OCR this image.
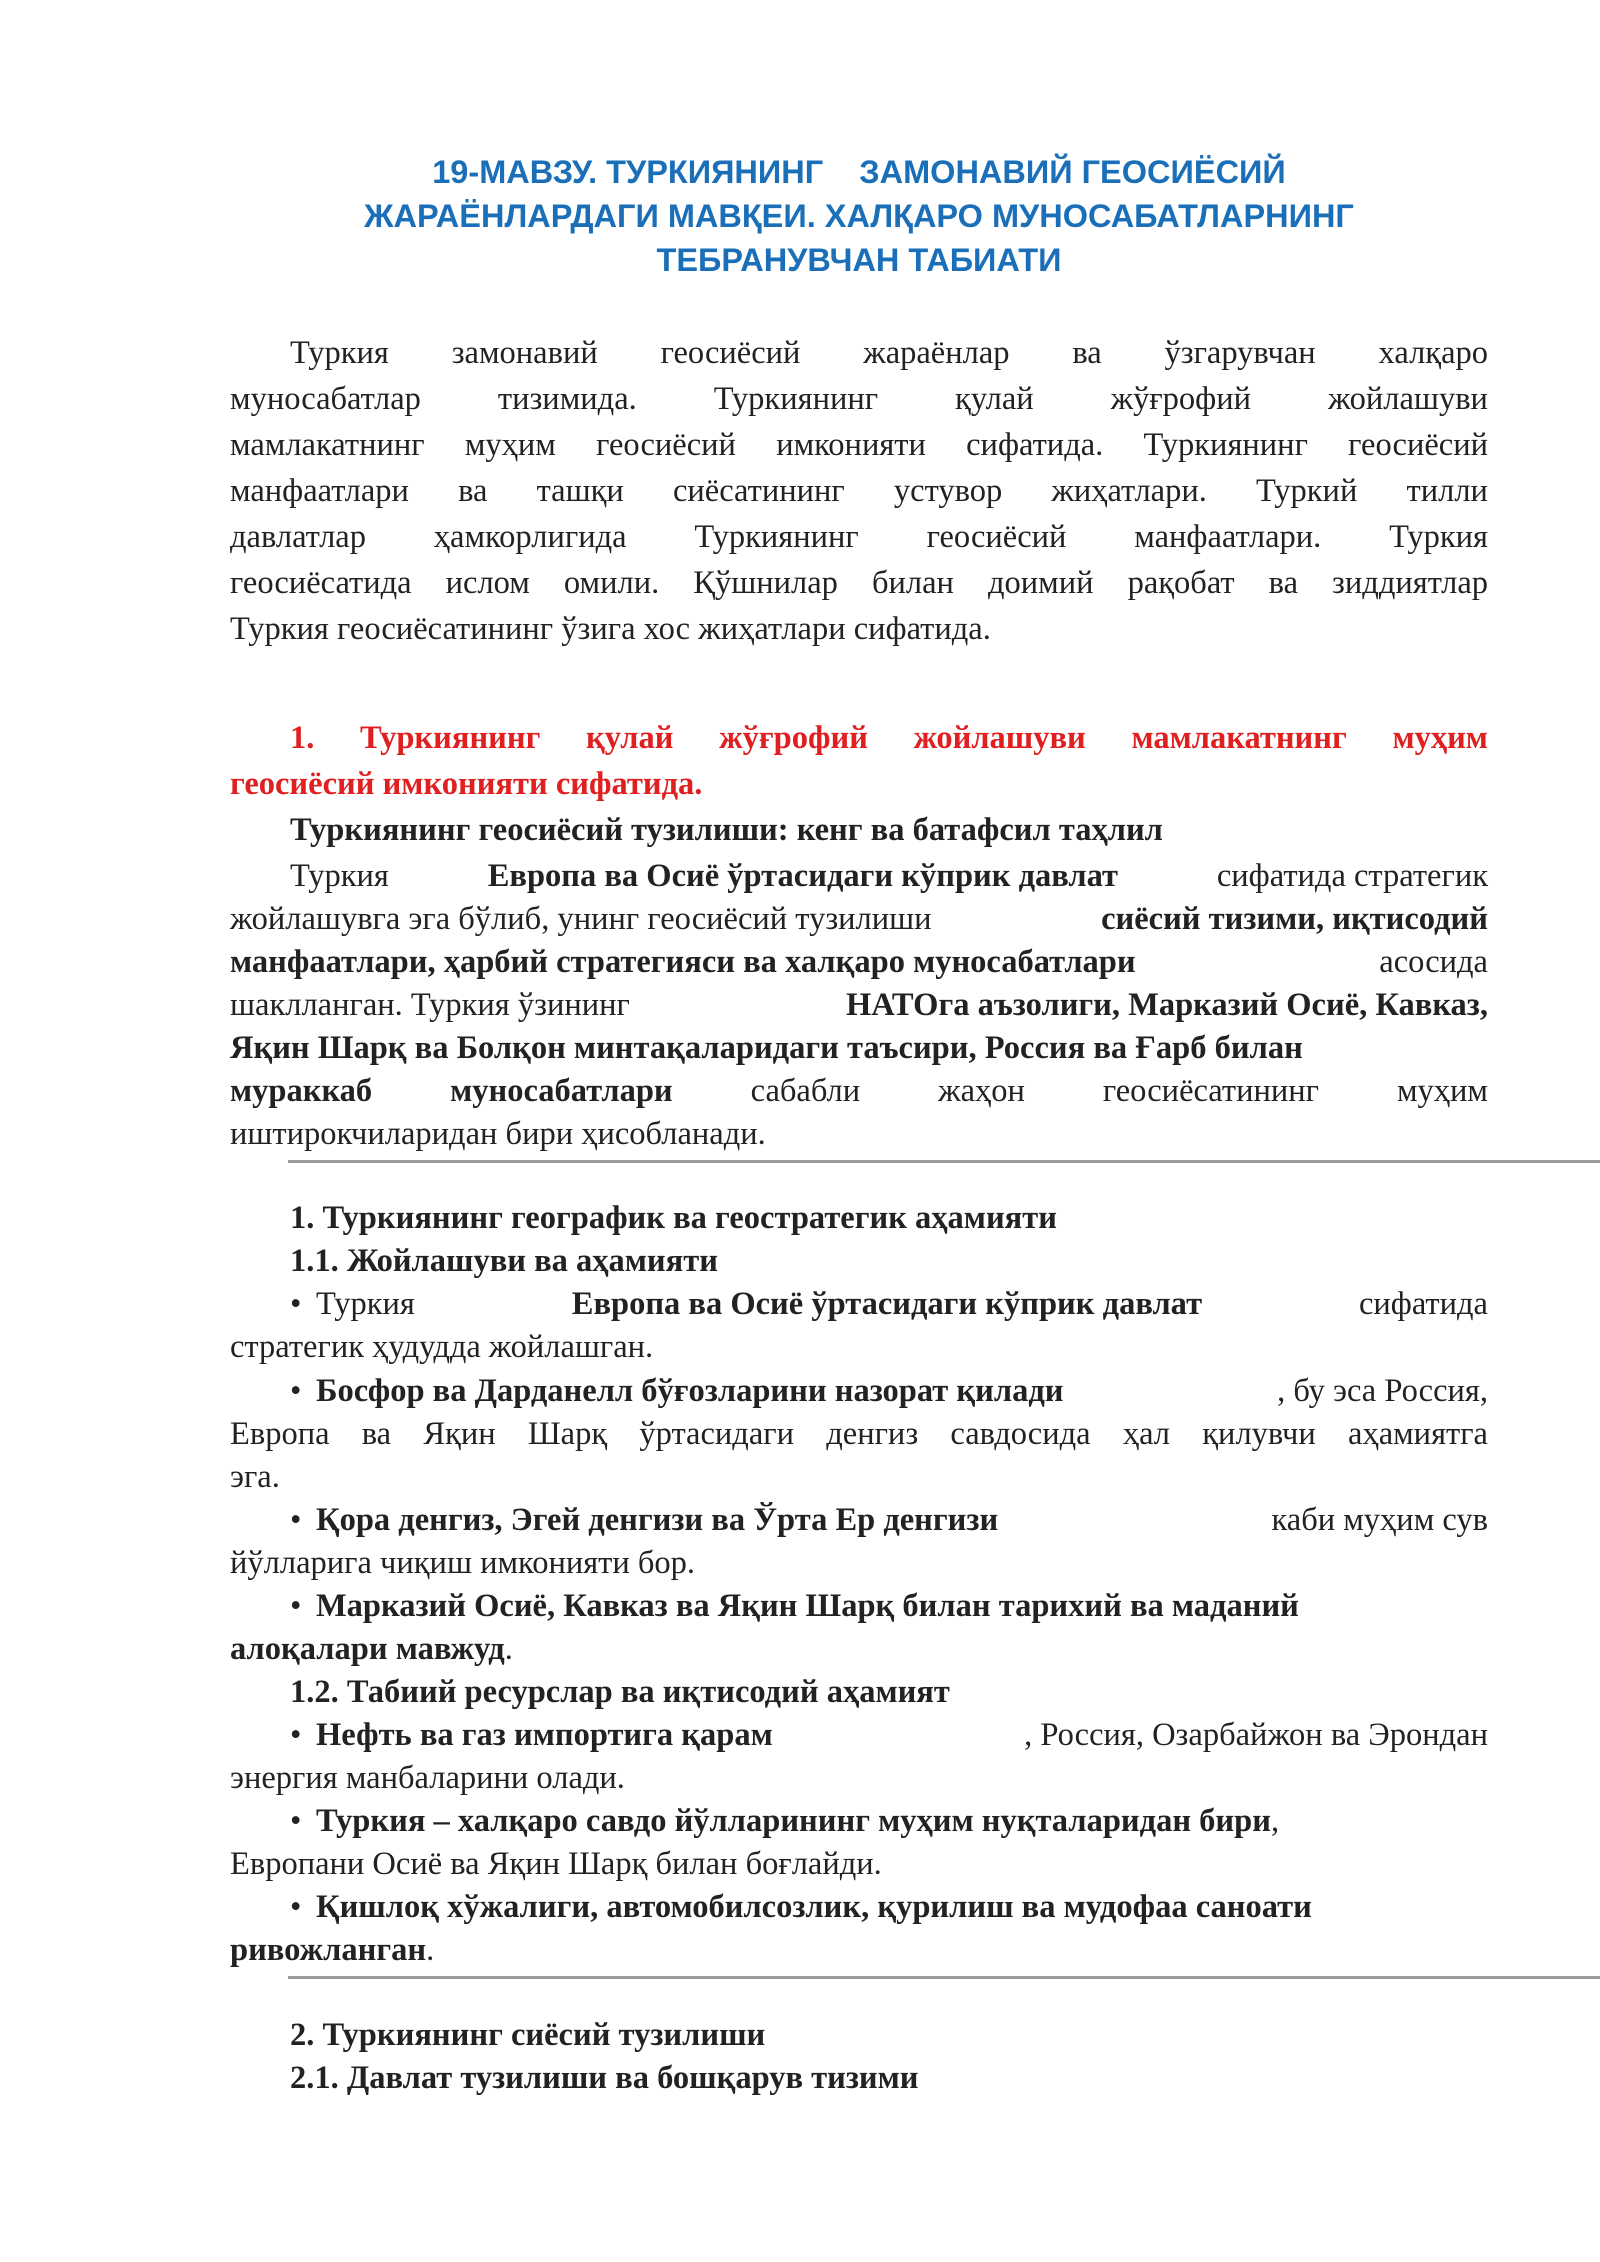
19-МАВЗУ. ТУРКИЯНИНГ    ЗАМОНАВИЙ ГЕОСИЁСИЙ
ЖАРАЁНЛАРДАГИ МАВҚЕИ. ХАЛҚАРО МУНОСАБАТЛАРНИНГ
ТЕБРАНУВЧАН ТАБИАТИ
Туркия замонавий геосиёсий жараёнлар ва ўзгарувчан халқаро
муносабатлар тизимида. Туркиянинг қулай жўғрофий жойлашуви
мамлакатнинг муҳим геосиёсий имконияти сифатида. Туркиянинг геосиёсий
манфаатлари ва ташқи сиёсатининг устувор жиҳатлари. Туркий тилли
давлатлар ҳамкорлигида Туркиянинг геосиёсий манфаатлари. Туркия
геосиёсатида ислом омили. Қўшнилар билан доимий рақобат ва зиддиятлар
Туркия геосиёсатининг ўзига хос жиҳатлари сифатида.
1. Туркиянинг қулай жўғрофий жойлашуви мамлакатнинг муҳим
геосиёсий имконияти сифатида.
Туркиянинг геосиёсий тузилиши: кенг ва батафсил таҳлил
Туркия	Европа ва Осиё ўртасидаги кўприк давлат	сифатида стратегик
жойлашувга эга бўлиб, унинг геосиёсий тузилиши	сиёсий тизими, иқтисодий
манфаатлари, ҳарбий стратегияси ва халқаро муносабатлари	асосида
шаклланган. Туркия ўзининг	НАТОга аъзолиги, Марказий Осиё, Кавказ,
Яқин Шарқ ва Болқон минтақаларидаги таъсири, Россия ва Ғарб билан
мураккаб муносабатлари сабабли жаҳон геосиёсатининг муҳим
иштирокчиларидан бири ҳисобланади.
1. Туркиянинг географик ва геостратегик аҳамияти
1.1. Жойлашуви ва аҳамияти
• Туркия	Европа ва Осиё ўртасидаги кўприк давлат	сифатида
стратегик ҳудудда жойлашган.
• Босфор ва Дарданелл бўғозларини назорат қилади	, бу эса Россия,
Европа ва Яқин Шарқ ўртасидаги денгиз савдосида ҳал қилувчи аҳамиятга
эга.
• Қора денгиз, Эгей денгизи ва Ўрта Ер денгизи	каби муҳим сув
йўлларига чиқиш имконияти бор.
• Марказий Осиё, Кавказ ва Яқин Шарқ билан тарихий ва маданий
алоқалари мавжуд.
1.2. Табиий ресурслар ва иқтисодий аҳамият
• Нефть ва газ импортига қарам	, Россия, Озарбайжон ва Эрондан
энергия манбаларини олади.
• Туркия – халқаро савдо йўлларининг муҳим нуқталаридан бири,
Европани Осиё ва Яқин Шарқ билан боғлайди.
• Қишлоқ хўжалиги, автомобилсозлик, қурилиш ва мудофаа саноати
ривожланган.
2. Туркиянинг сиёсий тузилиши
2.1. Давлат тузилиши ва бошқарув тизими
